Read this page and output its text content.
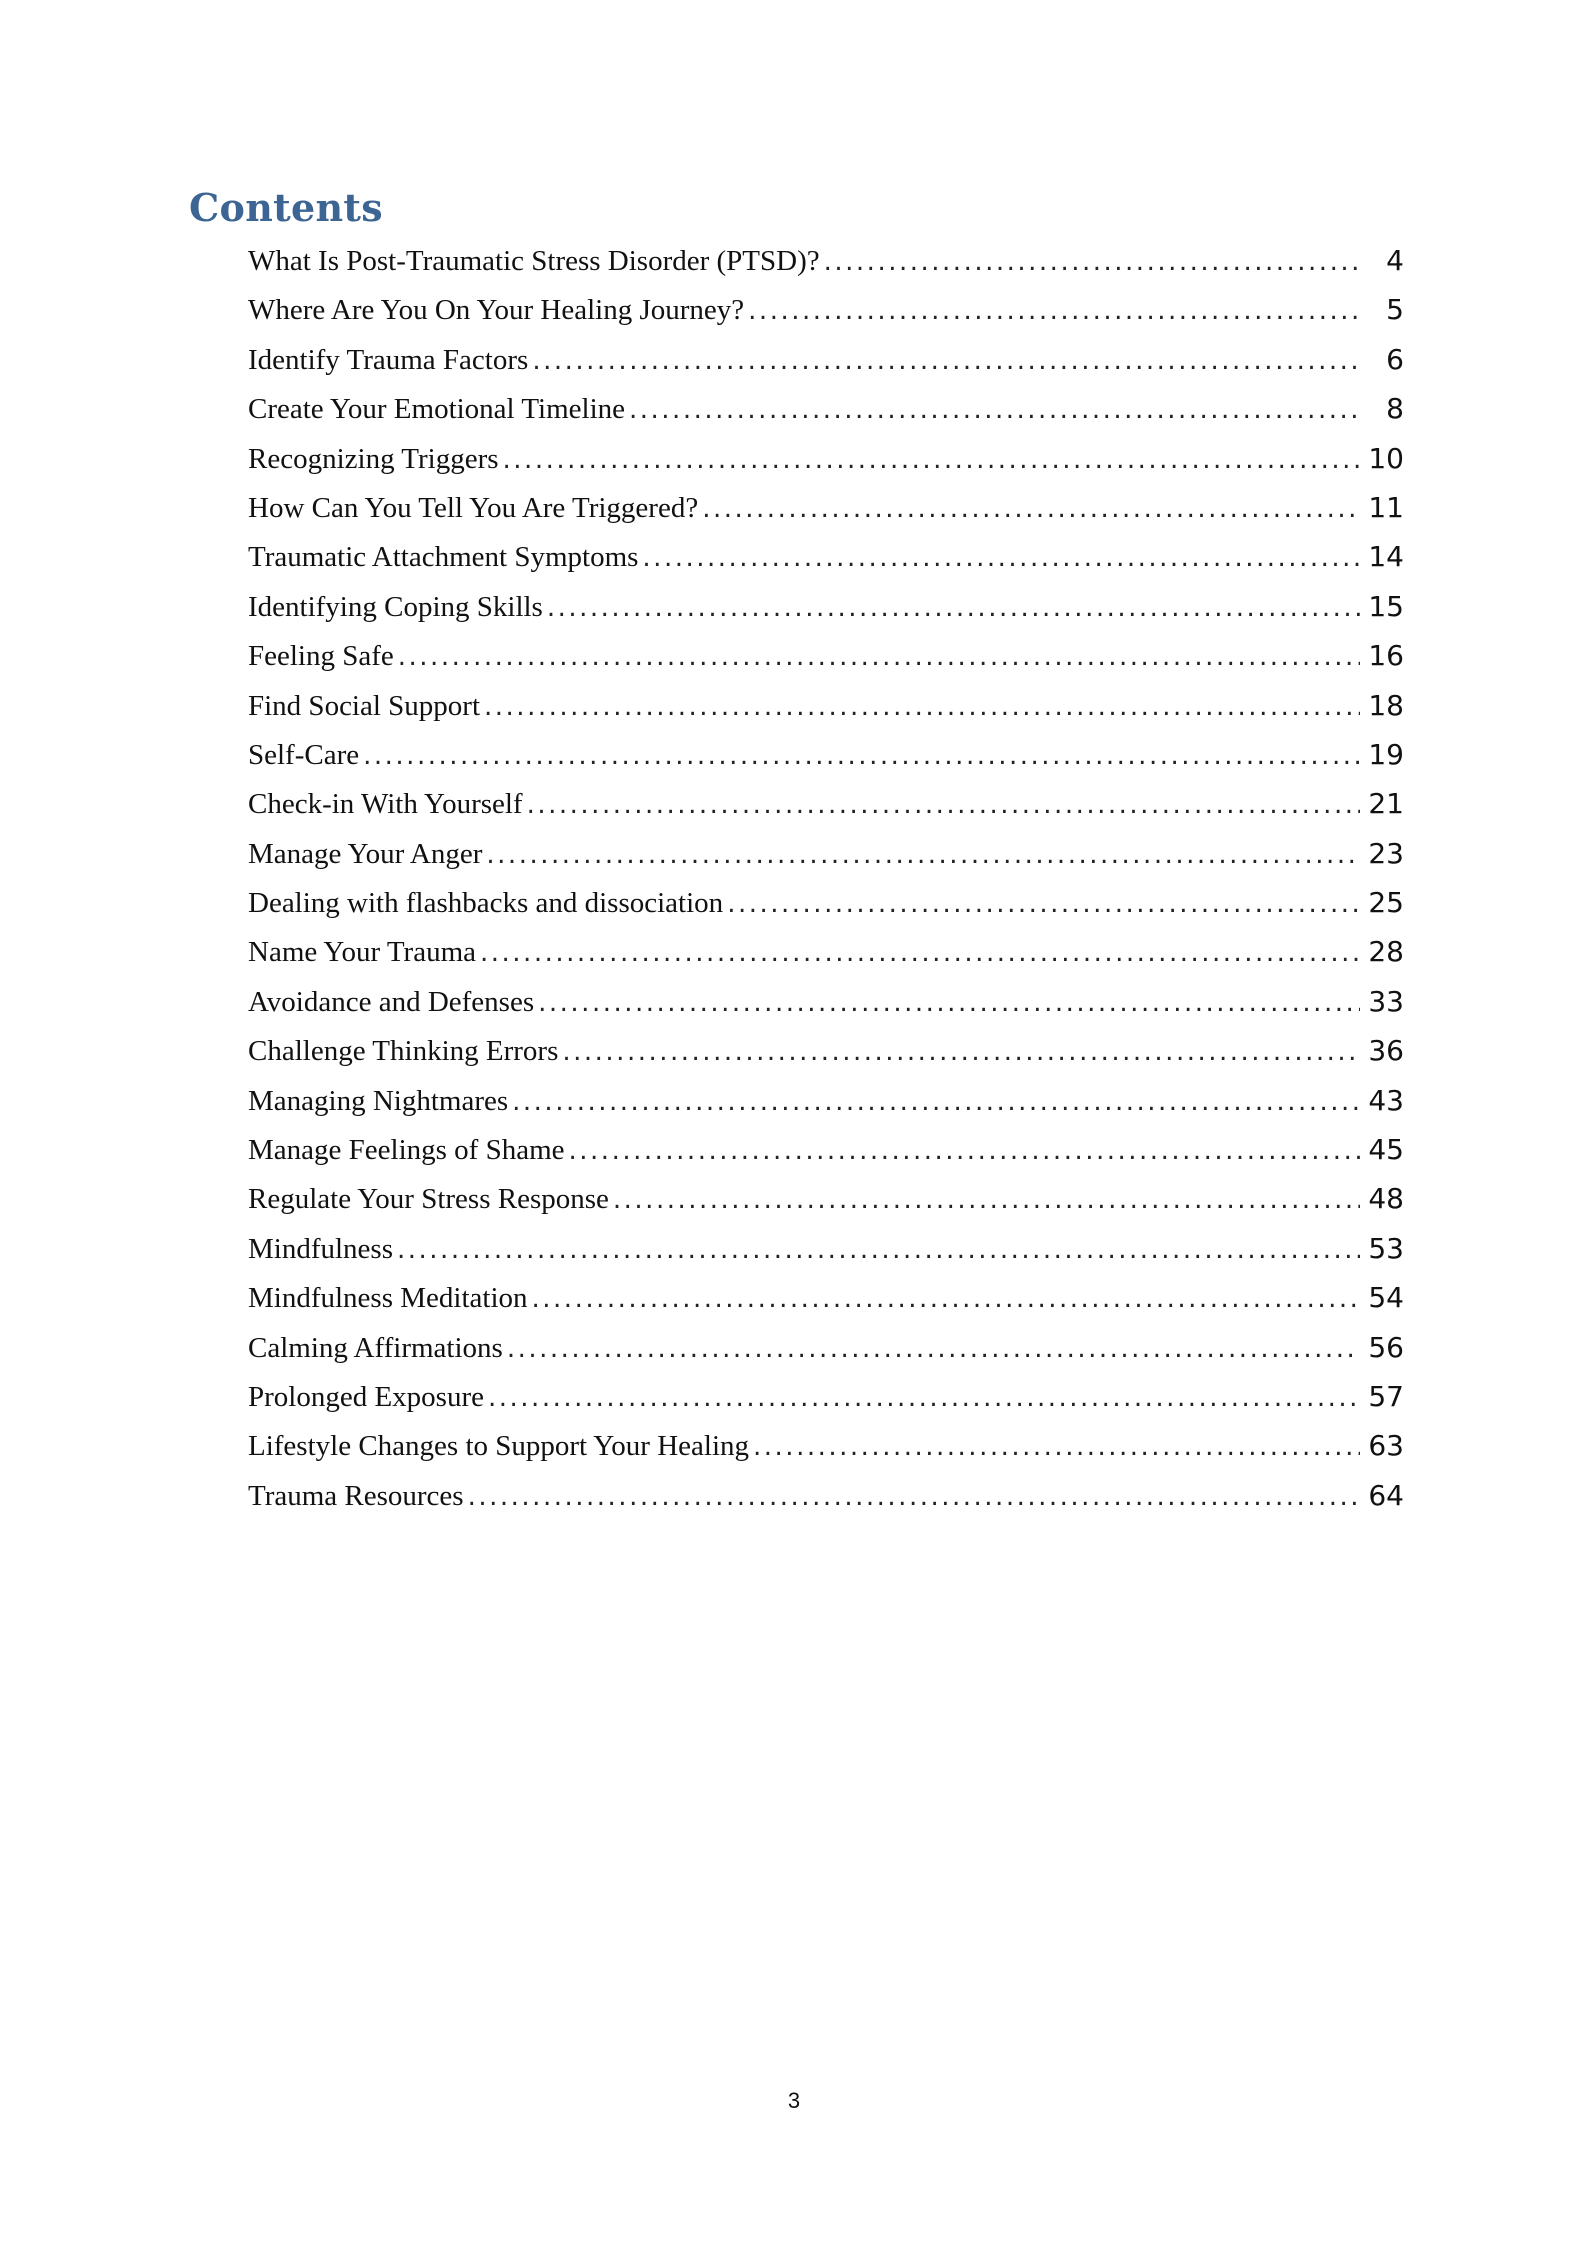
Contents
What Is Post-Traumatic Stress Disorder (PTSD)? .....	4
Where Are You On Your Healing Journey? .....	5
Identify Trauma Factors .....	6
Create Your Emotional Timeline .....	8
Recognizing Triggers .....	10
How Can You Tell You Are Triggered? .....	11
Traumatic Attachment Symptoms .....	14
Identifying Coping Skills .....	15
Feeling Safe .....	16
Find Social Support .....	18
Self-Care .....	19
Check-in With Yourself .....	21
Manage Your Anger .....	23
Dealing with flashbacks and dissociation .....	25
Name Your Trauma .....	28
Avoidance and Defenses .....	33
Challenge Thinking Errors .....	36
Managing Nightmares .....	43
Manage Feelings of Shame .....	45
Regulate Your Stress Response .....	48
Mindfulness .....	53
Mindfulness Meditation .....	54
Calming Affirmations .....	56
Prolonged Exposure .....	57
Lifestyle Changes to Support Your Healing .....	63
Trauma Resources .....	64
3
